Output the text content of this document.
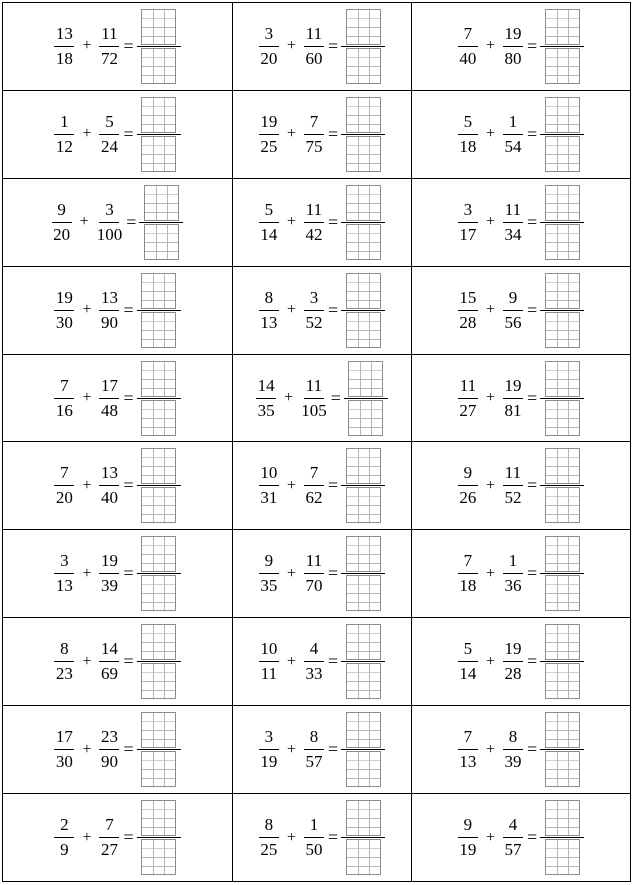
$\frac{13}{18} + \frac{11}{72}$ =	$\frac{3}{20} + \frac{11}{60}$ =	$\frac{7}{40} + \frac{19}{80}$ =

$\frac{1}{12} + \frac{5}{24}$ =	$\frac{19}{25} + \frac{7}{75}$ =	$\frac{5}{18} + \frac{1}{54}$ =

$\frac{9}{20} + \frac{3}{100}$ =	$\frac{5}{14} + \frac{11}{42}$ =	$\frac{3}{17} + \frac{11}{34}$ =

$\frac{19}{30} + \frac{13}{90}$ =	$\frac{8}{13} + \frac{3}{52}$ =	$\frac{15}{28} + \frac{9}{56}$ =

$\frac{7}{16} + \frac{17}{48}$ =	$\frac{14}{35} + \frac{11}{105}$ =	$\frac{11}{27} + \frac{19}{81}$ =

$\frac{7}{20} + \frac{13}{40}$ =	$\frac{10}{31} + \frac{7}{62}$ =	$\frac{9}{26} + \frac{11}{52}$ =

$\frac{3}{13} + \frac{19}{39}$ =	$\frac{9}{35} + \frac{11}{70}$ =	$\frac{7}{18} + \frac{1}{36}$ =

$\frac{8}{23} + \frac{14}{69}$ =	$\frac{10}{11} + \frac{4}{33}$ =	$\frac{5}{14} + \frac{19}{28}$ =

$\frac{17}{30} + \frac{23}{90}$ =	$\frac{3}{19} + \frac{8}{57}$ =	$\frac{7}{13} + \frac{8}{39}$ =

$\frac{2}{9} + \frac{7}{27}$ =	$\frac{8}{25} + \frac{1}{50}$ =	$\frac{9}{19} + \frac{4}{57}$ =
